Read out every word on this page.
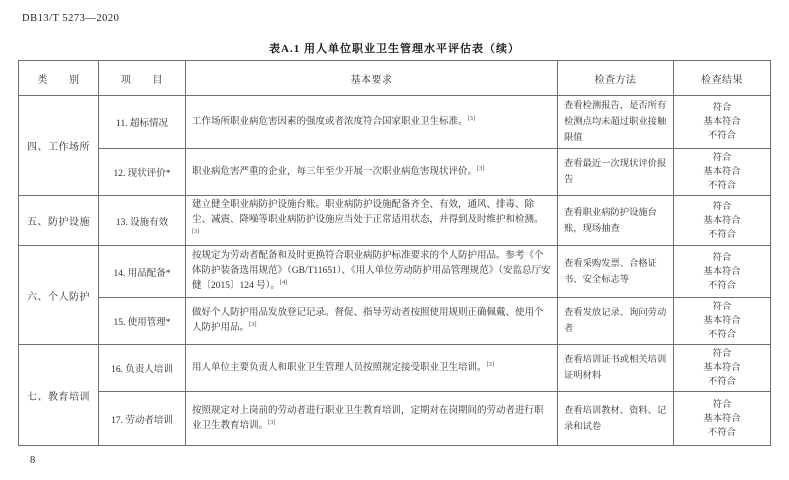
DB13/T 5273—2020
表A.1 用人单位职业卫生管理水平评估表（续）
类　　别	项　　目	基本要求	检查方法	检查结果
四、工作场所	11. 超标情况	工作场所职业病危害因素的强度或者浓度符合国家职业卫生标准。[3]	查看检测报告，是否所有检测点均未超过职业接触限值	符合
基本符合
不符合

	12. 现状评价*	职业病危害严重的企业，每三年至少开展一次职业病危害现状评价。[3]	查看最近一次现状评价报告	符合
基本符合
不符合

五、防护设施	13. 设施有效	建立健全职业病防护设施台账。职业病防护设施配备齐全、有效，通风、排毒、除尘、减震、降噪等职业病防护设施应当处于正常适用状态，并得到及时维护和检测。[3]	查看职业病防护设施台账，现场抽查	符合
基本符合
不符合

六、个人防护	14. 用品配备*	按规定为劳动者配备和及时更换符合职业病防护标准要求的个人防护用品。参考《个体防护装备选用规范》（GB/T11651）、《用人单位劳动防护用品管理规范》（安监总厅安健〔2015〕124 号）。[4]	查看采购发票、合格证书、安全标志等	符合
基本符合
不符合

	15. 使用管理*	做好个人防护用品发放登记记录。督促、指导劳动者按照使用规则正确佩戴、使用个人防护用品。[3]	查看发放记录、询问劳动者	符合
基本符合
不符合

七、教育培训	16. 负责人培训	用人单位主要负责人和职业卫生管理人员按照规定接受职业卫生培训。[3]	查看培训证书或相关培训证明材料	符合
基本符合
不符合

	17. 劳动者培训	按照规定对上岗前的劳动者进行职业卫生教育培训，定期对在岗期间的劳动者进行职业卫生教育培训。[3]	查看培训教材、资料、记录和试卷	符合
基本符合
不符合
8
